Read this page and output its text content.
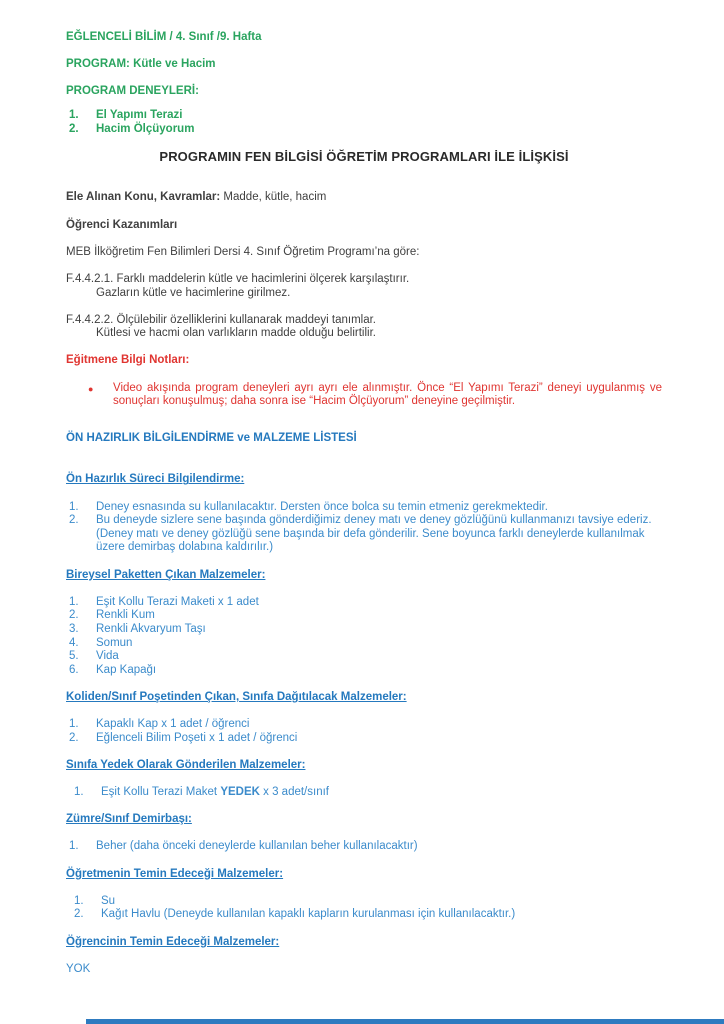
EĞLENCELİ BİLİM / 4. Sınıf /9. Hafta

PROGRAM: Kütle ve Hacim

PROGRAM DENEYLERİ:

1.	El Yapımı Terazi
2.	Hacim Ölçüyorum

PROGRAMIN FEN BİLGİSİ ÖĞRETİM PROGRAMLARI İLE İLİŞKİSİ

Ele Alınan Konu, Kavramlar: Madde, kütle, hacim

Öğrenci Kazanımları

MEB İlköğretim Fen Bilimleri Dersi 4. Sınıf Öğretim Programı’na göre:

F.4.4.2.1. Farklı maddelerin kütle ve hacimlerini ölçerek karşılaştırır.

Gazların kütle ve hacimlerine girilmez.

F.4.4.2.2. Ölçülebilir özelliklerini kullanarak maddeyi tanımlar.

Kütlesi ve hacmi olan varlıkların madde olduğu belirtilir.

Eğitmene Bilgi Notları:

●	Video akışında program deneyleri ayrı ayrı ele alınmıştır. Önce “El Yapımı Terazi” deneyi uygulanmış ve sonuçları konuşulmuş; daha sonra ise “Hacim Ölçüyorum” deneyine geçilmiştir.

ÖN HAZIRLIK BİLGİLENDİRME ve MALZEME LİSTESİ

Ön Hazırlık Süreci Bilgilendirme:

1.	Deney esnasında su kullanılacaktır. Dersten önce bolca su temin etmeniz gerekmektedir.
2.	Bu deneyde sizlere sene başında gönderdiğimiz deney matı ve deney gözlüğünü kullanmanızı tavsiye ederiz. (Deney matı ve deney gözlüğü sene başında bir defa gönderilir. Sene boyunca farklı deneylerde kullanılmak üzere demirbaş dolabına kaldırılır.)

Bireysel Paketten Çıkan Malzemeler:

1.	Eşit Kollu Terazi Maketi x 1 adet
2.	Renkli Kum
3.	Renkli Akvaryum Taşı
4.	Somun
5.	Vida
6.	Kap Kapağı

Koliden/Sınıf Poşetinden Çıkan, Sınıfa Dağıtılacak Malzemeler:

1.	Kapaklı Kap x 1 adet / öğrenci
2.	Eğlenceli Bilim Poşeti x 1 adet / öğrenci

Sınıfa Yedek Olarak Gönderilen Malzemeler:

1.	Eşit Kollu Terazi Maket YEDEK x 3 adet/sınıf

Zümre/Sınıf Demirbaşı:

1.	Beher (daha önceki deneylerde kullanılan beher kullanılacaktır)

Öğretmenin Temin Edeceği Malzemeler:

1.	Su
2.	Kağıt Havlu (Deneyde kullanılan kapaklı kapların kurulanması için kullanılacaktır.)

Öğrencinin Temin Edeceği Malzemeler:

YOK
